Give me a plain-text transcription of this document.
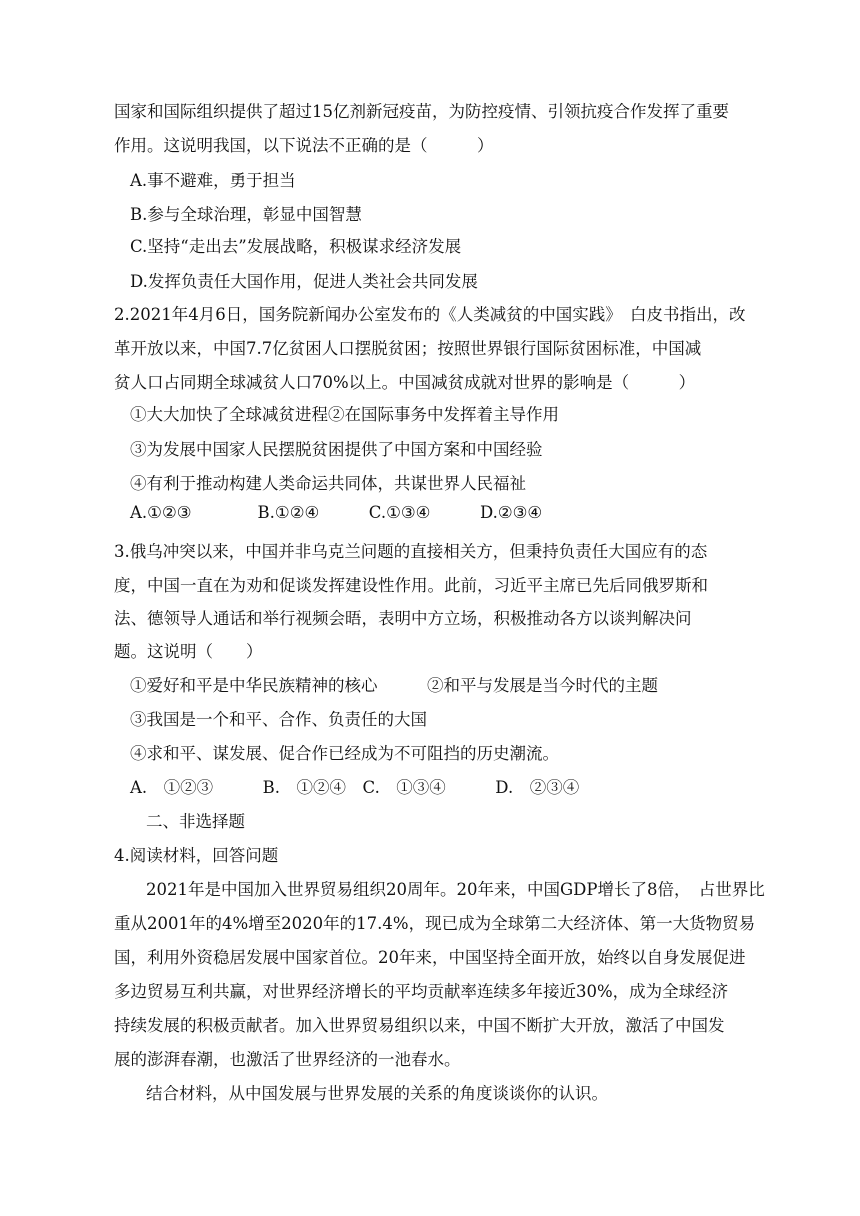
国家和国际组织提供了超过15亿剂新冠疫苗，为防控疫情、引领抗疫合作发挥了重要
作用。这说明我国，以下说法不正确的是（　　　）
A.事不避难，勇于担当
B.参与全球治理，彰显中国智慧
C.坚持“走出去”发展战略，积极谋求经济发展
D.发挥负责任大国作用，促进人类社会共同发展
2.2021年4月6日，国务院新闻办公室发布的《人类减贫的中国实践》　白皮书指出，改
革开放以来，中国7.7亿贫困人口摆脱贫困；按照世界银行国际贫困标准，中国减
贫人口占同期全球减贫人口70%以上。中国减贫成就对世界的影响是（　　　）
①大大加快了全球减贫进程②在国际事务中发挥着主导作用
③为发展中国家人民摆脱贫困提供了中国方案和中国经验
④有利于推动构建人类命运共同体，共谋世界人民福祉
A.①②③　　　　B.①②④　　　C.①③④　　　D.②③④
3.俄乌冲突以来，中国并非乌克兰问题的直接相关方，但秉持负责任大国应有的态
度，中国一直在为劝和促谈发挥建设性作用。此前，习近平主席已先后同俄罗斯和
法、德领导人通话和举行视频会晤，表明中方立场，积极推动各方以谈判解决问
题。这说明（　　）
①爱好和平是中华民族精神的核心　　　②和平与发展是当今时代的主题
③我国是一个和平、合作、负责任的大国
④求和平、谋发展、促合作已经成为不可阻挡的历史潮流。
A.　①②③　　　B.　①②④　C.　①③④　　　D.　②③④
二、非选择题
4.阅读材料，回答问题
2021年是中国加入世界贸易组织20周年。20年来，中国GDP增长了8倍，　占世界比
重从2001年的4%增至2020年的17.4%，现已成为全球第二大经济体、第一大货物贸易
国，利用外资稳居发展中国家首位。20年来，中国坚持全面开放，始终以自身发展促进
多边贸易互利共赢，对世界经济增长的平均贡献率连续多年接近30%，成为全球经济
持续发展的积极贡献者。加入世界贸易组织以来，中国不断扩大开放，激活了中国发
展的澎湃春潮，也激活了世界经济的一池春水。
结合材料，从中国发展与世界发展的关系的角度谈谈你的认识。
